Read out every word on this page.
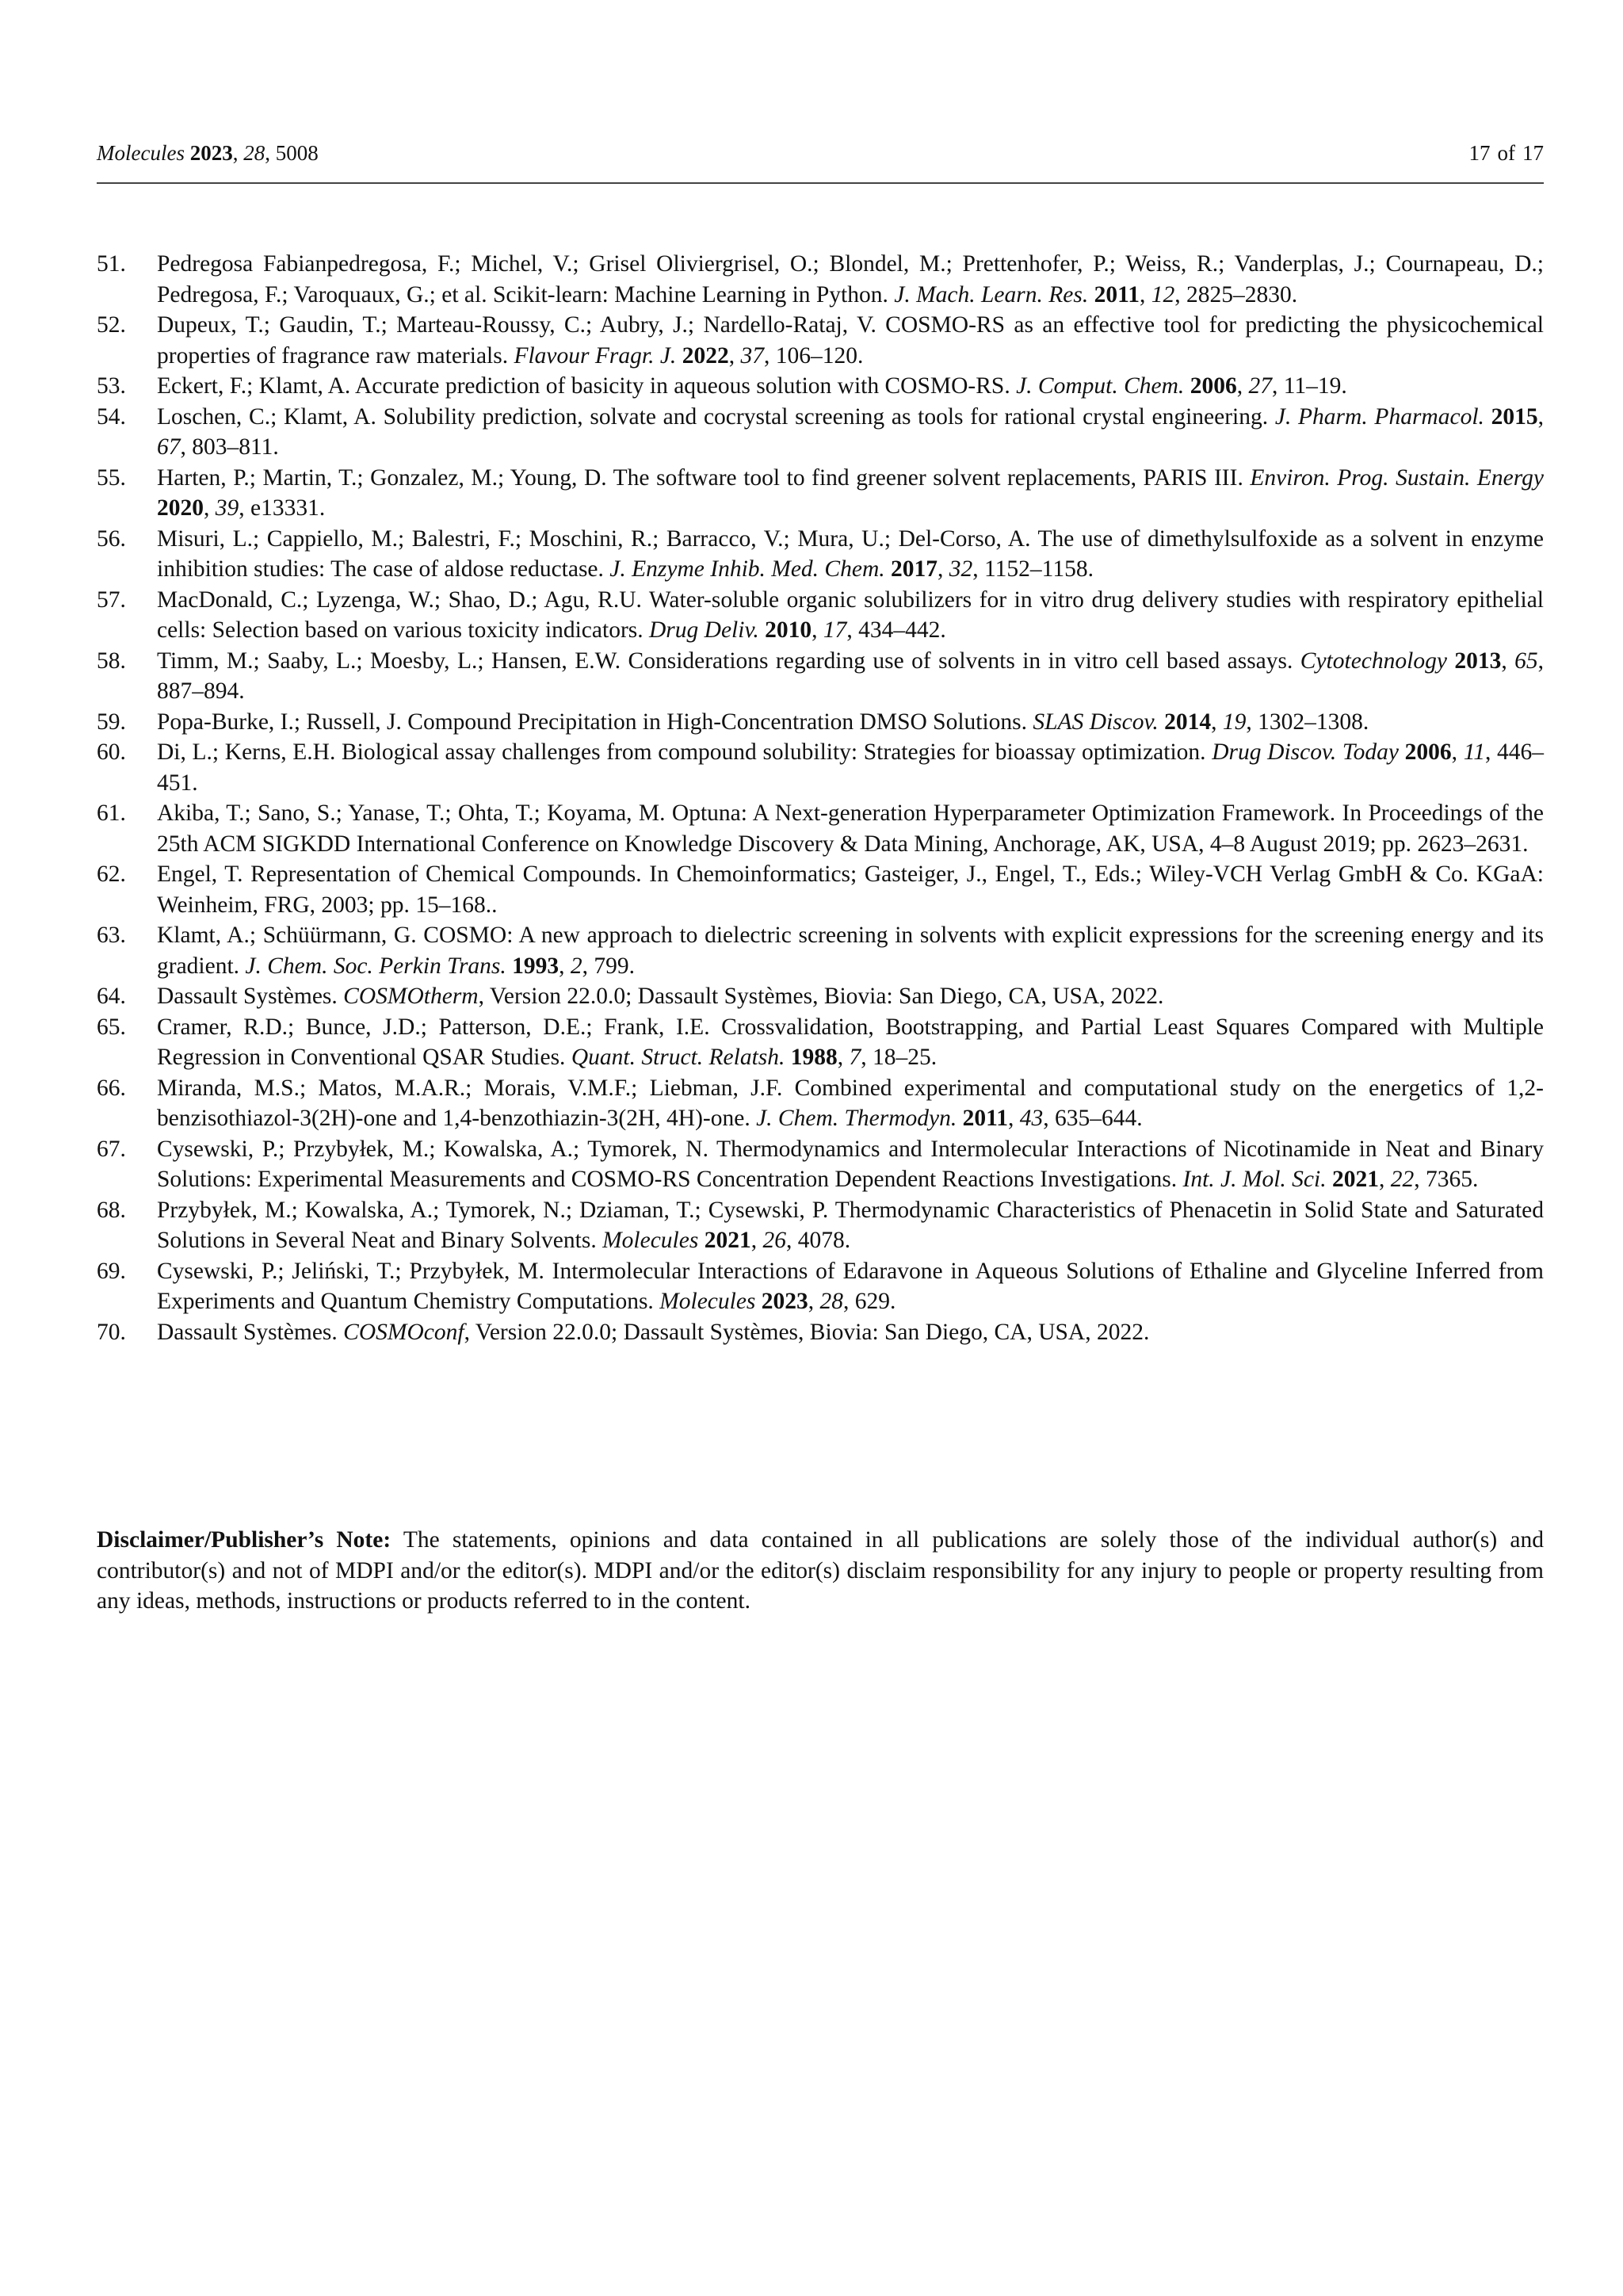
Molecules 2023, 28, 5008	17 of 17
51. Pedregosa Fabianpedregosa, F.; Michel, V.; Grisel Oliviergrisel, O.; Blondel, M.; Prettenhofer, P.; Weiss, R.; Vanderplas, J.; Cournapeau, D.; Pedregosa, F.; Varoquaux, G.; et al. Scikit-learn: Machine Learning in Python. J. Mach. Learn. Res. 2011, 12, 2825–2830.
52. Dupeux, T.; Gaudin, T.; Marteau-Roussy, C.; Aubry, J.; Nardello-Rataj, V. COSMO-RS as an effective tool for predicting the physicochemical properties of fragrance raw materials. Flavour Fragr. J. 2022, 37, 106–120.
53. Eckert, F.; Klamt, A. Accurate prediction of basicity in aqueous solution with COSMO-RS. J. Comput. Chem. 2006, 27, 11–19.
54. Loschen, C.; Klamt, A. Solubility prediction, solvate and cocrystal screening as tools for rational crystal engineering. J. Pharm. Pharmacol. 2015, 67, 803–811.
55. Harten, P.; Martin, T.; Gonzalez, M.; Young, D. The software tool to find greener solvent replacements, PARIS III. Environ. Prog. Sustain. Energy 2020, 39, e13331.
56. Misuri, L.; Cappiello, M.; Balestri, F.; Moschini, R.; Barracco, V.; Mura, U.; Del-Corso, A. The use of dimethylsulfoxide as a solvent in enzyme inhibition studies: The case of aldose reductase. J. Enzyme Inhib. Med. Chem. 2017, 32, 1152–1158.
57. MacDonald, C.; Lyzenga, W.; Shao, D.; Agu, R.U. Water-soluble organic solubilizers for in vitro drug delivery studies with respiratory epithelial cells: Selection based on various toxicity indicators. Drug Deliv. 2010, 17, 434–442.
58. Timm, M.; Saaby, L.; Moesby, L.; Hansen, E.W. Considerations regarding use of solvents in in vitro cell based assays. Cytotechnology 2013, 65, 887–894.
59. Popa-Burke, I.; Russell, J. Compound Precipitation in High-Concentration DMSO Solutions. SLAS Discov. 2014, 19, 1302–1308.
60. Di, L.; Kerns, E.H. Biological assay challenges from compound solubility: Strategies for bioassay optimization. Drug Discov. Today 2006, 11, 446–451.
61. Akiba, T.; Sano, S.; Yanase, T.; Ohta, T.; Koyama, M. Optuna: A Next-generation Hyperparameter Optimization Framework. In Proceedings of the 25th ACM SIGKDD International Conference on Knowledge Discovery & Data Mining, Anchorage, AK, USA, 4–8 August 2019; pp. 2623–2631.
62. Engel, T. Representation of Chemical Compounds. In Chemoinformatics; Gasteiger, J., Engel, T., Eds.; Wiley-VCH Verlag GmbH & Co. KGaA: Weinheim, FRG, 2003; pp. 15–168..
63. Klamt, A.; Schüürmann, G. COSMO: A new approach to dielectric screening in solvents with explicit expressions for the screening energy and its gradient. J. Chem. Soc. Perkin Trans. 1993, 2, 799.
64. Dassault Systèmes. COSMOtherm, Version 22.0.0; Dassault Systèmes, Biovia: San Diego, CA, USA, 2022.
65. Cramer, R.D.; Bunce, J.D.; Patterson, D.E.; Frank, I.E. Crossvalidation, Bootstrapping, and Partial Least Squares Compared with Multiple Regression in Conventional QSAR Studies. Quant. Struct. Relatsh. 1988, 7, 18–25.
66. Miranda, M.S.; Matos, M.A.R.; Morais, V.M.F.; Liebman, J.F. Combined experimental and computational study on the energetics of 1,2-benzisothiazol-3(2H)-one and 1,4-benzothiazin-3(2H, 4H)-one. J. Chem. Thermodyn. 2011, 43, 635–644.
67. Cysewski, P.; Przybyłek, M.; Kowalska, A.; Tymorek, N. Thermodynamics and Intermolecular Interactions of Nicotinamide in Neat and Binary Solutions: Experimental Measurements and COSMO-RS Concentration Dependent Reactions Investigations. Int. J. Mol. Sci. 2021, 22, 7365.
68. Przybyłek, M.; Kowalska, A.; Tymorek, N.; Dziaman, T.; Cysewski, P. Thermodynamic Characteristics of Phenacetin in Solid State and Saturated Solutions in Several Neat and Binary Solvents. Molecules 2021, 26, 4078.
69. Cysewski, P.; Jeliński, T.; Przybyłek, M. Intermolecular Interactions of Edaravone in Aqueous Solutions of Ethaline and Glyceline Inferred from Experiments and Quantum Chemistry Computations. Molecules 2023, 28, 629.
70. Dassault Systèmes. COSMOconf, Version 22.0.0; Dassault Systèmes, Biovia: San Diego, CA, USA, 2022.

Disclaimer/Publisher’s Note: The statements, opinions and data contained in all publications are solely those of the individual author(s) and contributor(s) and not of MDPI and/or the editor(s). MDPI and/or the editor(s) disclaim responsibility for any injury to people or property resulting from any ideas, methods, instructions or products referred to in the content.
